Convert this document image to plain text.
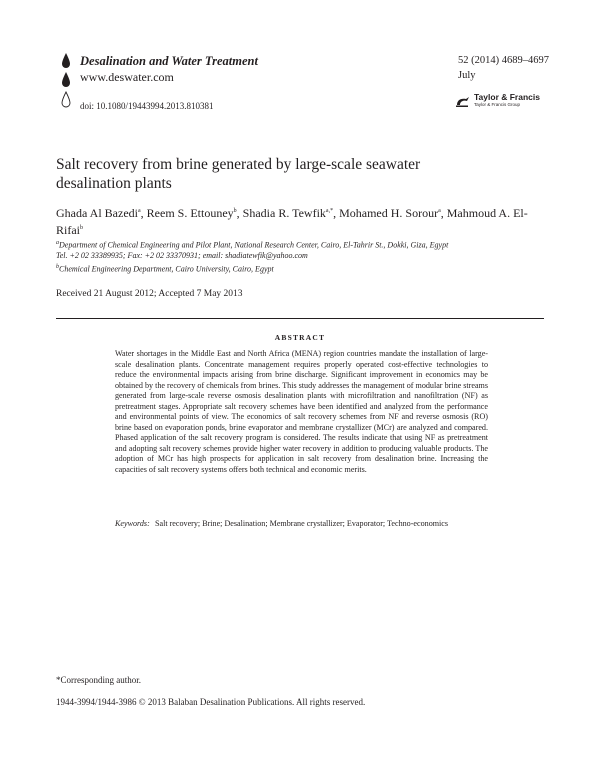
Desalination and Water Treatment
www.deswater.com
doi: 10.1080/19443994.2013.810381
52 (2014) 4689–4697
July
Taylor & Francis
Taylor & Francis Group
Salt recovery from brine generated by large-scale seawater desalination plants
Ghada Al Bazedi$^a$, Reem S. Ettouney$^b$, Shadia R. Tewfik$^{a,*}$, Mohamed H. Sorour$^a$, Mahmoud A. El-Rifai$^b$
$^a$Department of Chemical Engineering and Pilot Plant, National Research Center, Cairo, El-Tahrir St., Dokki, Giza, Egypt
Tel. +2 02 33389935; Fax: +2 02 33370931; email: shadiatewfik@yahoo.com
$^b$Chemical Engineering Department, Cairo University, Cairo, Egypt
Received 21 August 2012; Accepted 7 May 2013
ABSTRACT
Water shortages in the Middle East and North Africa (MENA) region countries mandate the installation of large-scale desalination plants. Concentrate management requires properly operated cost-effective technologies to reduce the environmental impacts arising from brine discharge. Significant improvement in economics may be obtained by the recovery of chemicals from brines. This study addresses the management of modular brine streams generated from large-scale reverse osmosis desalination plants with microfiltration and nanofiltration (NF) as pretreatment stages. Appropriate salt recovery schemes have been identified and analyzed from the performance and environmental points of view. The economics of salt recovery schemes from NF and reverse osmosis (RO) brine based on evaporation ponds, brine evaporator and membrane crystallizer (MCr) are analyzed and compared. Phased application of the salt recovery program is considered. The results indicate that using NF as pretreatment and adopting salt recovery schemes provide higher water recovery in addition to producing valuable products. The adoption of MCr has high prospects for application in salt recovery from desalination brine. Increasing the capacities of salt recovery systems offers both technical and economic merits.
Keywords: Salt recovery; Brine; Desalination; Membrane crystallizer; Evaporator; Techno-economics
*Corresponding author.
1944-3994/1944-3986 © 2013 Balaban Desalination Publications. All rights reserved.
